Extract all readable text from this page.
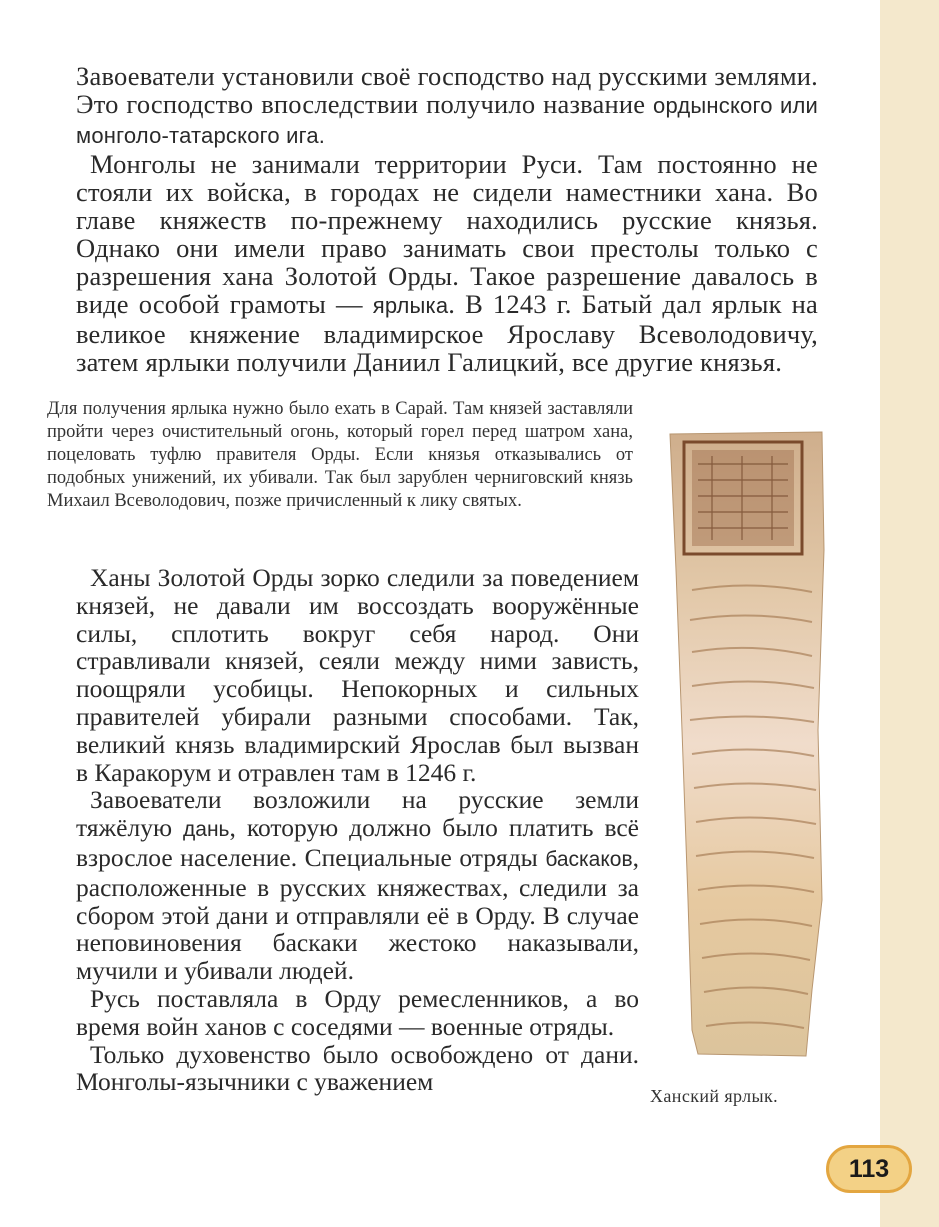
Завоеватели установили своё господство над русскими землями. Это господство впоследствии получило название ордынского или монголо-татарского ига.

Монголы не занимали территории Руси. Там постоянно не стояли их войска, в городах не сидели наместники хана. Во главе княжеств по-прежнему находились русские князья. Однако они имели право занимать свои престолы только с разрешения хана Золотой Орды. Такое разрешение давалось в виде особой грамоты — ярлыка. В 1243 г. Батый дал ярлык на великое княжение владимирское Ярославу Всеволодовичу, затем ярлыки получили Даниил Галицкий, все другие князья.

Для получения ярлыка нужно было ехать в Сарай. Там князей заставляли пройти через очистительный огонь, который горел перед шатром хана, поцеловать туфлю правителя Орды. Если князья отказывались от подобных унижений, их убивали. Так был зарублен черниговский князь Михаил Всеволодович, позже причисленный к лику святых.

Ханы Золотой Орды зорко следили за поведением князей, не давали им воссоздать вооружённые силы, сплотить вокруг себя народ. Они стравливали князей, сеяли между ними зависть, поощряли усобицы. Непокорных и сильных правителей убирали разными способами. Так, великий князь владимирский Ярослав был вызван в Каракорум и отравлен там в 1246 г.

Завоеватели возложили на русские земли тяжёлую дань, которую должно было платить всё взрослое население. Специальные отряды баскаков, расположенные в русских княжествах, следили за сбором этой дани и отправляли её в Орду. В случае неповиновения баскаки жестоко наказывали, мучили и убивали людей.

Русь поставляла в Орду ремесленников, а во время войн ханов с соседями — военные отряды.

Только духовенство было освобождено от дани. Монголы-язычники с уважением	Ханский ярлык.
113
